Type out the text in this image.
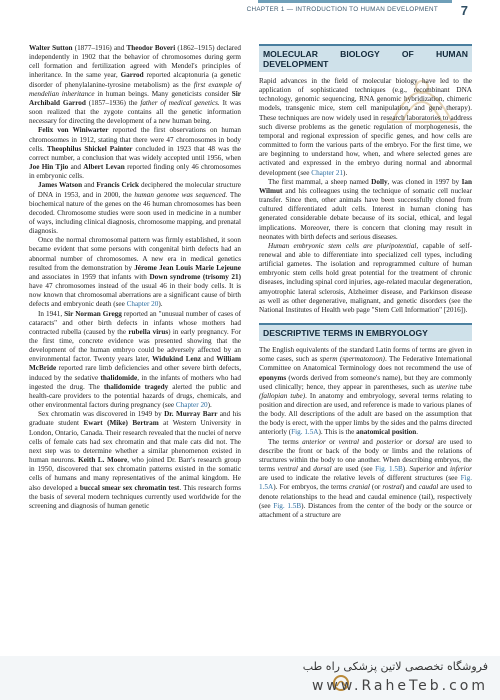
CHAPTER 1 — INTRODUCTION TO HUMAN DEVELOPMENT 7

Walter Sutton (1877–1916) and Theodor Boveri (1862–1915) declared independently in 1902 that the behavior of chromosomes during germ cell formation and fertilization agreed with Mendel's principles of inheritance. In the same year, Garrod reported alcaptonuria (a genetic disorder of phenylalanine-tyrosine metabolism) as the first example of mendelian inheritance in human beings. Many geneticists consider Sir Archibald Garrod (1857–1936) the father of medical genetics. It was soon realized that the zygote contains all the genetic information necessary for directing the development of a new human being.

Felix von Winiwarter reported the first observations on human chromosomes in 1912, stating that there were 47 chromosomes in body cells. Theophilus Shickel Painter concluded in 1923 that 48 was the correct number, a conclusion that was widely accepted until 1956, when Joe Hin Tjio and Albert Levan reported finding only 46 chromosomes in embryonic cells.

James Watson and Francis Crick deciphered the molecular structure of DNA in 1953, and in 2000, the human genome was sequenced. The biochemical nature of the genes on the 46 human chromosomes has been decoded. Chromosome studies were soon used in medicine in a number of ways, including clinical diagnosis, chromosome mapping, and prenatal diagnosis.

Once the normal chromosomal pattern was firmly established, it soon became evident that some persons with congenital birth defects had an abnormal number of chromosomes. A new era in medical genetics resulted from the demonstration by Jérome Jean Louis Marie Lejeune and associates in 1959 that infants with Down syndrome (trisomy 21) have 47 chromosomes instead of the usual 46 in their body cells. It is now known that chromosomal aberrations are a significant cause of birth defects and embryonic death (see Chapter 20).

In 1941, Sir Norman Gregg reported an "unusual number of cases of cataracts" and other birth defects in infants whose mothers had contracted rubella (caused by the rubella virus) in early pregnancy. For the first time, concrete evidence was presented showing that the development of the human embryo could be adversely affected by an environmental factor. Twenty years later, Widukind Lenz and William McBride reported rare limb deficiencies and other severe birth defects, induced by the sedative thalidomide, in the infants of mothers who had ingested the drug. The thalidomide tragedy alerted the public and health-care providers to the potential hazards of drugs, chemicals, and other environmental factors during pregnancy (see Chapter 20).

Sex chromatin was discovered in 1949 by Dr. Murray Barr and his graduate student Ewart (Mike) Bertram at Western University in London, Ontario, Canada. Their research revealed that the nuclei of nerve cells of female cats had sex chromatin and that male cats did not. The next step was to determine whether a similar phenomenon existed in human neurons. Keith L. Moore, who joined Dr. Barr's research group in 1950, discovered that sex chromatin patterns existed in the somatic cells of humans and many representatives of the animal kingdom. He also developed a buccal smear sex chromatin test. This research forms the basis of several modern techniques currently used worldwide for the screening and diagnosis of human genetic

MOLECULAR BIOLOGY OF HUMAN DEVELOPMENT

Rapid advances in the field of molecular biology have led to the application of sophisticated techniques (e.g., recombinant DNA technology, genomic sequencing, RNA genomic hybridization, chimeric models, transgenic mice, stem cell manipulation, and gene therapy). These techniques are now widely used in research laboratories to address such diverse problems as the genetic regulation of morphogenesis, the temporal and regional expression of specific genes, and how cells are committed to form the various parts of the embryo. For the first time, we are beginning to understand how, when, and where selected genes are activated and expressed in the embryo during normal and abnormal development (see Chapter 21).

The first mammal, a sheep named Dolly, was cloned in 1997 by Ian Wilmut and his colleagues using the technique of somatic cell nuclear transfer. Since then, other animals have been successfully cloned from cultured differentiated adult cells. Interest in human cloning has generated considerable debate because of its social, ethical, and legal implications. Moreover, there is concern that cloning may result in neonates with birth defects and serious diseases.

Human embryonic stem cells are pluripotential, capable of self-renewal and able to differentiate into specialized cell types, including artificial gametes. The isolation and reprogrammed culture of human embryonic stem cells hold great potential for the treatment of chronic diseases, including spinal cord injuries, age-related macular degeneration, amyotrophic lateral sclerosis, Alzheimer disease, and Parkinson disease as well as other degenerative, malignant, and genetic disorders (see the National Institutes of Health web page "Stem Cell Information" [2016]).

DESCRIPTIVE TERMS IN EMBRYOLOGY

The English equivalents of the standard Latin forms of terms are given in some cases, such as sperm (spermatozoon). The Federative International Committee on Anatomical Terminology does not recommend the use of eponyms (words derived from someone's name), but they are commonly used clinically; hence, they appear in parentheses, such as uterine tube (fallopian tube). In anatomy and embryology, several terms relating to position and direction are used, and reference is made to various planes of the body. All descriptions of the adult are based on the assumption that the body is erect, with the upper limbs by the sides and the palms directed anteriorly (Fig. 1.5A). This is the anatomical position.

The terms anterior or ventral and posterior or dorsal are used to describe the front or back of the body or limbs and the relations of structures within the body to one another. When describing embryos, the terms ventral and dorsal are used (see Fig. 1.5B). Superior and inferior are used to indicate the relative levels of different structures (see Fig. 1.5A). For embryos, the terms cranial (or rostral) and caudal are used to denote relationships to the head and caudal eminence (tail), respectively (see Fig. 1.5B). Distances from the center of the body or the source or attachment of a structure are

فروشگاه تخصصی لاتین پزشکی راه طب
www.RaheTeb.com
